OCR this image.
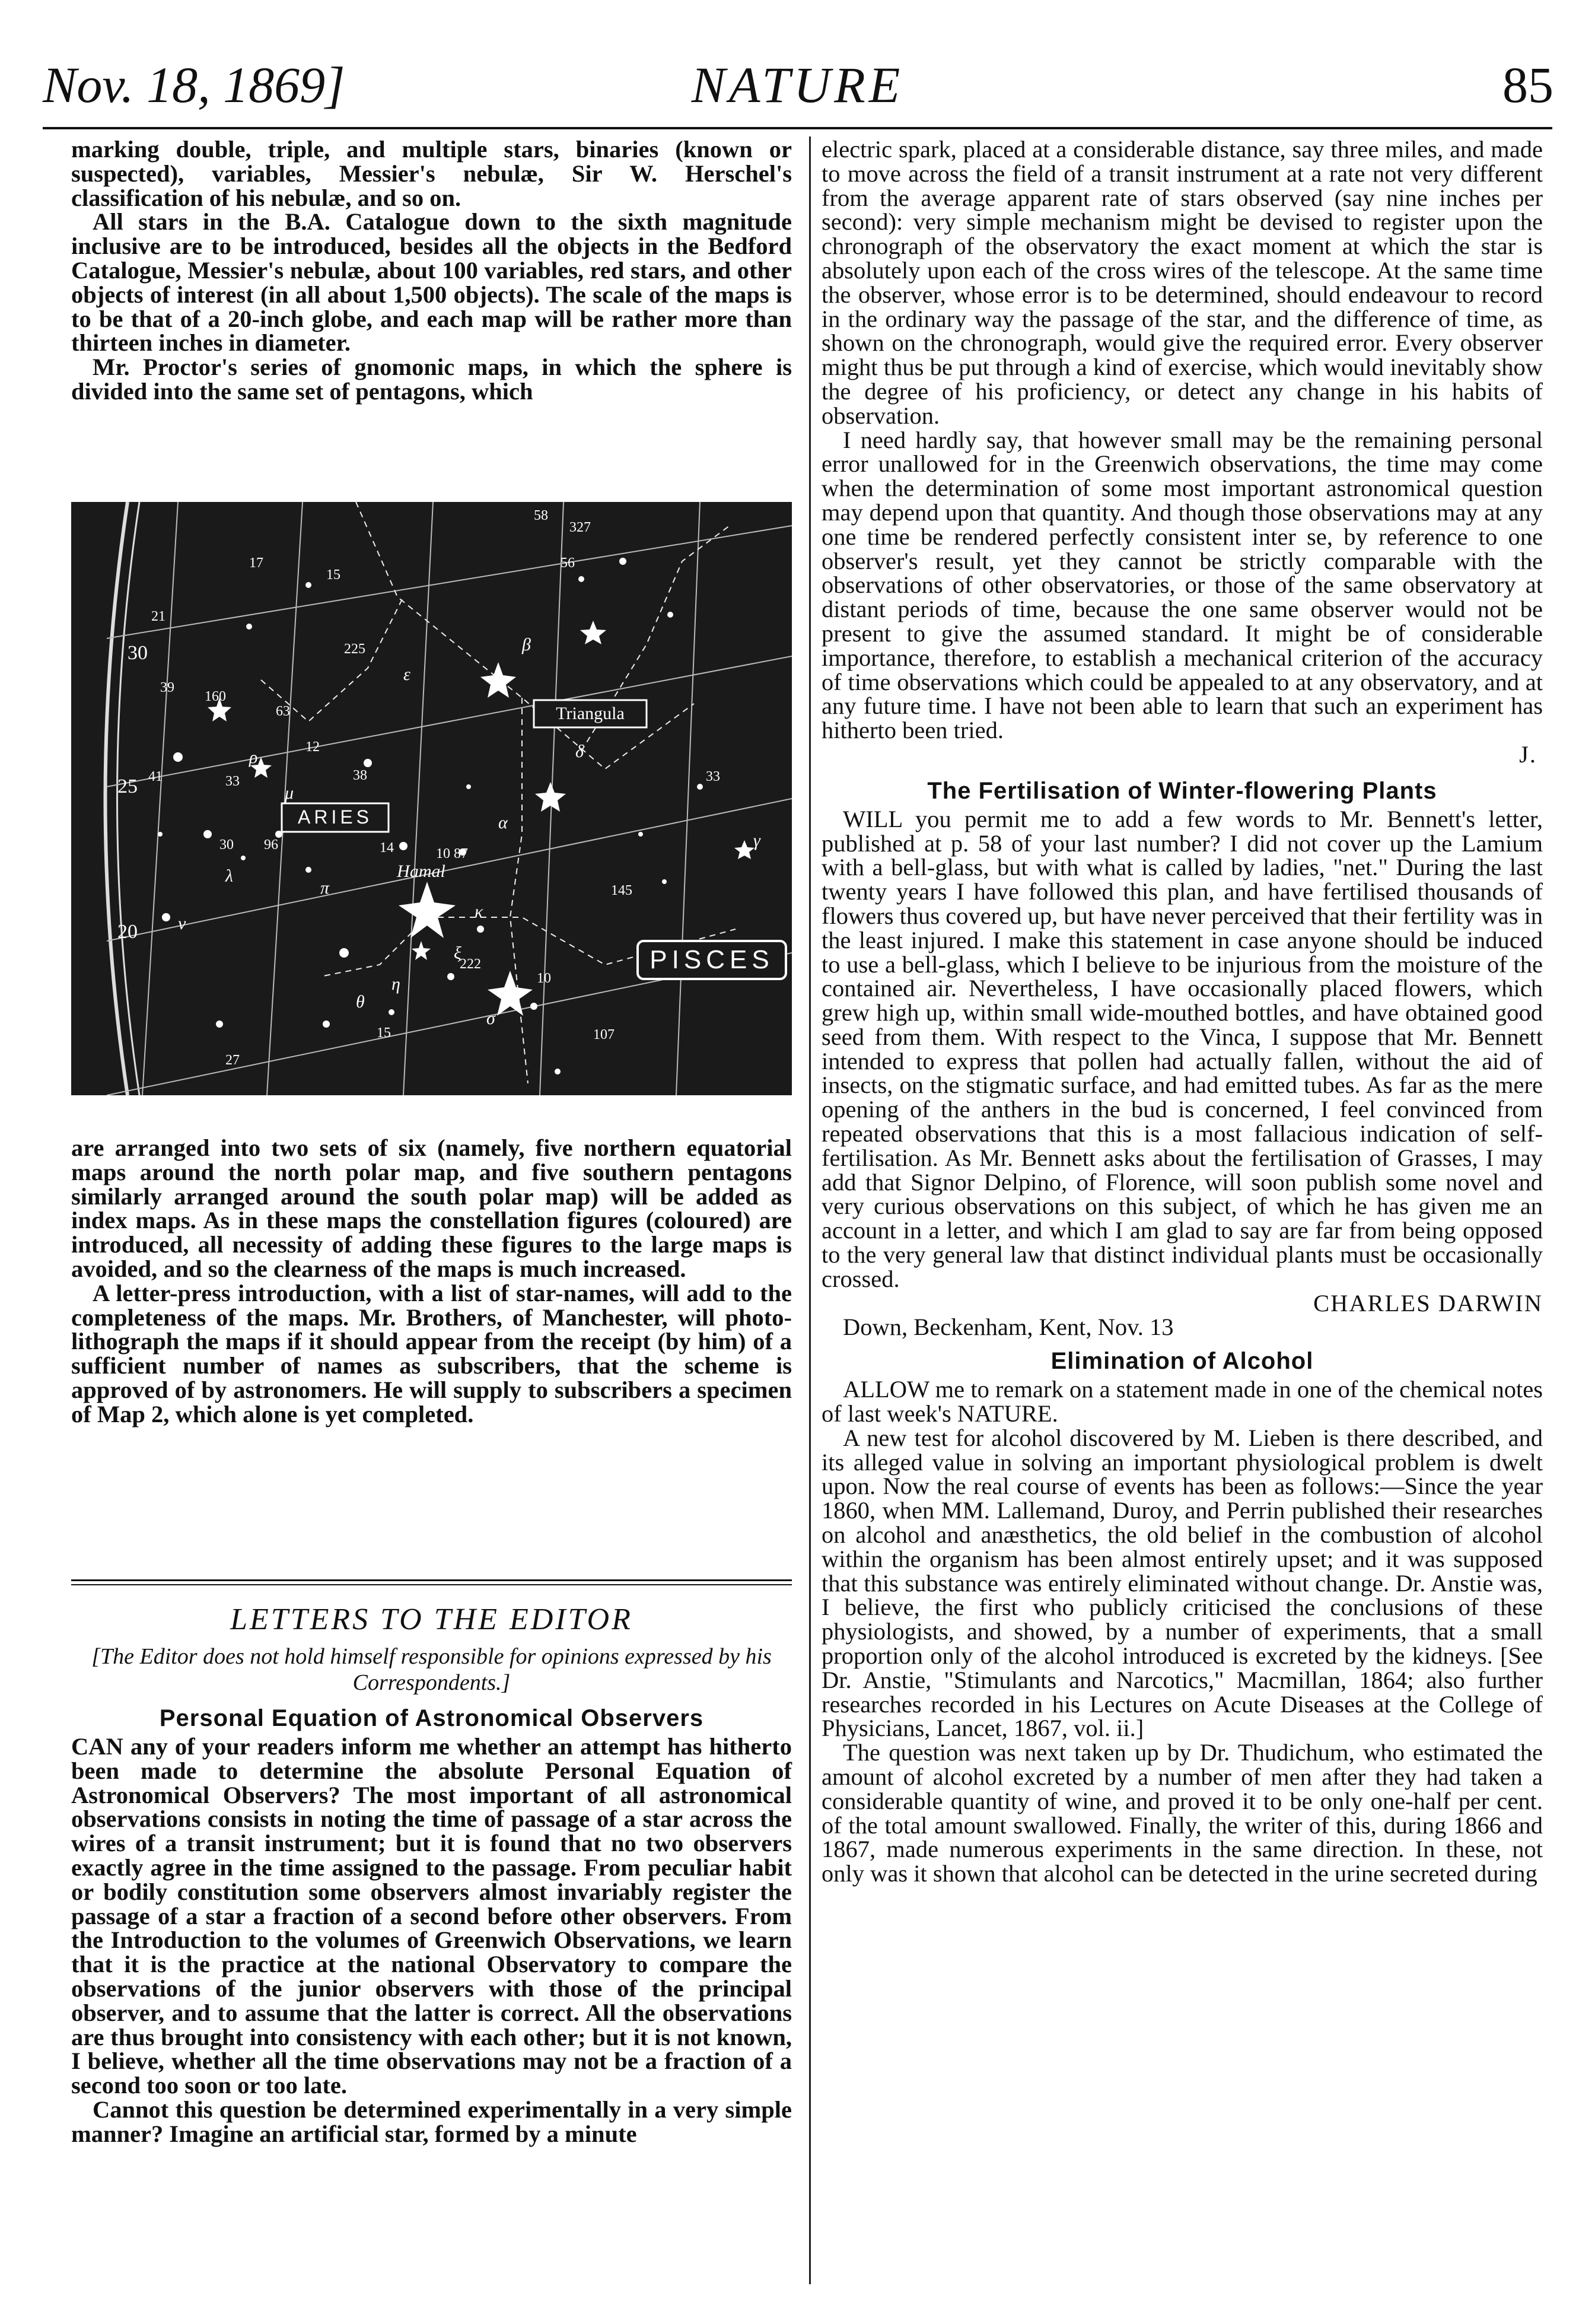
Nov. 18, 1869]	NATURE	85

marking double, triple, and multiple stars, binaries (known or suspected), variables, Messier's nebulæ, Sir W. Herschel's classification of his nebulæ, and so on.

All stars in the B.A. Catalogue down to the sixth magnitude inclusive are to be introduced, besides all the objects in the Bedford Catalogue, Messier's nebulæ, about 100 variables, red stars, and other objects of interest (in all about 1,500 objects). The scale of the maps is to be that of a 20-inch globe, and each map will be rather more than thirteen inches in diameter.

Mr. Proctor's series of gnomonic maps, in which the sphere is divided into the same set of pentagons, which

ARIES
Triangula
PISCES
Hamal
58
327
56
17
15
225
21
30
39
160
63
12
41	33	38
25
30 96	14	10 87
33
145
20
222
107
27
15
10
β
α
μ
η
θ
ν
λ
κ
ξ
δ
γ
ε
ρ
π
σ

are arranged into two sets of six (namely, five northern equatorial maps around the north polar map, and five southern pentagons similarly arranged around the south polar map) will be added as index maps. As in these maps the constellation figures (coloured) are introduced, all necessity of adding these figures to the large maps is avoided, and so the clearness of the maps is much increased.

A letter-press introduction, with a list of star-names, will add to the completeness of the maps. Mr. Brothers, of Manchester, will photo-lithograph the maps if it should appear from the receipt (by him) of a sufficient number of names as subscribers, that the scheme is approved of by astronomers. He will supply to subscribers a specimen of Map 2, which alone is yet completed.

LETTERS TO THE EDITOR
[The Editor does not hold himself responsible for opinions expressed by his Correspondents.]
Personal Equation of Astronomical Observers

CAN any of your readers inform me whether an attempt has hitherto been made to determine the absolute Personal Equation of Astronomical Observers? The most important of all astronomical observations consists in noting the time of passage of a star across the wires of a transit instrument; but it is found that no two observers exactly agree in the time assigned to the passage. From peculiar habit or bodily constitution some observers almost invariably register the passage of a star a fraction of a second before other observers. From the Introduction to the volumes of Greenwich Observations, we learn that it is the practice at the national Observatory to compare the observations of the junior observers with those of the principal observer, and to assume that the latter is correct. All the observations are thus brought into consistency with each other; but it is not known, I believe, whether all the time observations may not be a fraction of a second too soon or too late.

Cannot this question be determined experimentally in a very simple manner? Imagine an artificial star, formed by a minute

electric spark, placed at a considerable distance, say three miles, and made to move across the field of a transit instrument at a rate not very different from the average apparent rate of stars observed (say nine inches per second): very simple mechanism might be devised to register upon the chronograph of the observatory the exact moment at which the star is absolutely upon each of the cross wires of the telescope. At the same time the observer, whose error is to be determined, should endeavour to record in the ordinary way the passage of the star, and the difference of time, as shown on the chronograph, would give the required error. Every observer might thus be put through a kind of exercise, which would inevitably show the degree of his proficiency, or detect any change in his habits of observation.

I need hardly say, that however small may be the remaining personal error unallowed for in the Greenwich observations, the time may come when the determination of some most important astronomical question may depend upon that quantity. And though those observations may at any one time be rendered perfectly consistent inter se, by reference to one observer's result, yet they cannot be strictly comparable with the observations of other observatories, or those of the same observatory at distant periods of time, because the one same observer would not be present to give the assumed standard. It might be of considerable importance, therefore, to establish a mechanical criterion of the accuracy of time observations which could be appealed to at any observatory, and at any future time. I have not been able to learn that such an experiment has hitherto been tried.

J.

The Fertilisation of Winter-flowering Plants

WILL you permit me to add a few words to Mr. Bennett's letter, published at p. 58 of your last number? I did not cover up the Lamium with a bell-glass, but with what is called by ladies, "net." During the last twenty years I have followed this plan, and have fertilised thousands of flowers thus covered up, but have never perceived that their fertility was in the least injured. I make this statement in case anyone should be induced to use a bell-glass, which I believe to be injurious from the moisture of the contained air. Nevertheless, I have occasionally placed flowers, which grew high up, within small wide-mouthed bottles, and have obtained good seed from them. With respect to the Vinca, I suppose that Mr. Bennett intended to express that pollen had actually fallen, without the aid of insects, on the stigmatic surface, and had emitted tubes. As far as the mere opening of the anthers in the bud is concerned, I feel convinced from repeated observations that this is a most fallacious indication of self-fertilisation. As Mr. Bennett asks about the fertilisation of Grasses, I may add that Signor Delpino, of Florence, will soon publish some novel and very curious observations on this subject, of which he has given me an account in a letter, and which I am glad to say are far from being opposed to the very general law that distinct individual plants must be occasionally crossed.

CHARLES DARWIN

Down, Beckenham, Kent, Nov. 13

Elimination of Alcohol

ALLOW me to remark on a statement made in one of the chemical notes of last week's NATURE.

A new test for alcohol discovered by M. Lieben is there described, and its alleged value in solving an important physiological problem is dwelt upon. Now the real course of events has been as follows:—Since the year 1860, when MM. Lallemand, Duroy, and Perrin published their researches on alcohol and anæsthetics, the old belief in the combustion of alcohol within the organism has been almost entirely upset; and it was supposed that this substance was entirely eliminated without change. Dr. Anstie was, I believe, the first who publicly criticised the conclusions of these physiologists, and showed, by a number of experiments, that a small proportion only of the alcohol introduced is excreted by the kidneys. [See Dr. Anstie, "Stimulants and Narcotics," Macmillan, 1864; also further researches recorded in his Lectures on Acute Diseases at the College of Physicians, Lancet, 1867, vol. ii.]

The question was next taken up by Dr. Thudichum, who estimated the amount of alcohol excreted by a number of men after they had taken a considerable quantity of wine, and proved it to be only one-half per cent. of the total amount swallowed. Finally, the writer of this, during 1866 and 1867, made numerous experiments in the same direction. In these, not only was it shown that alcohol can be detected in the urine secreted during
